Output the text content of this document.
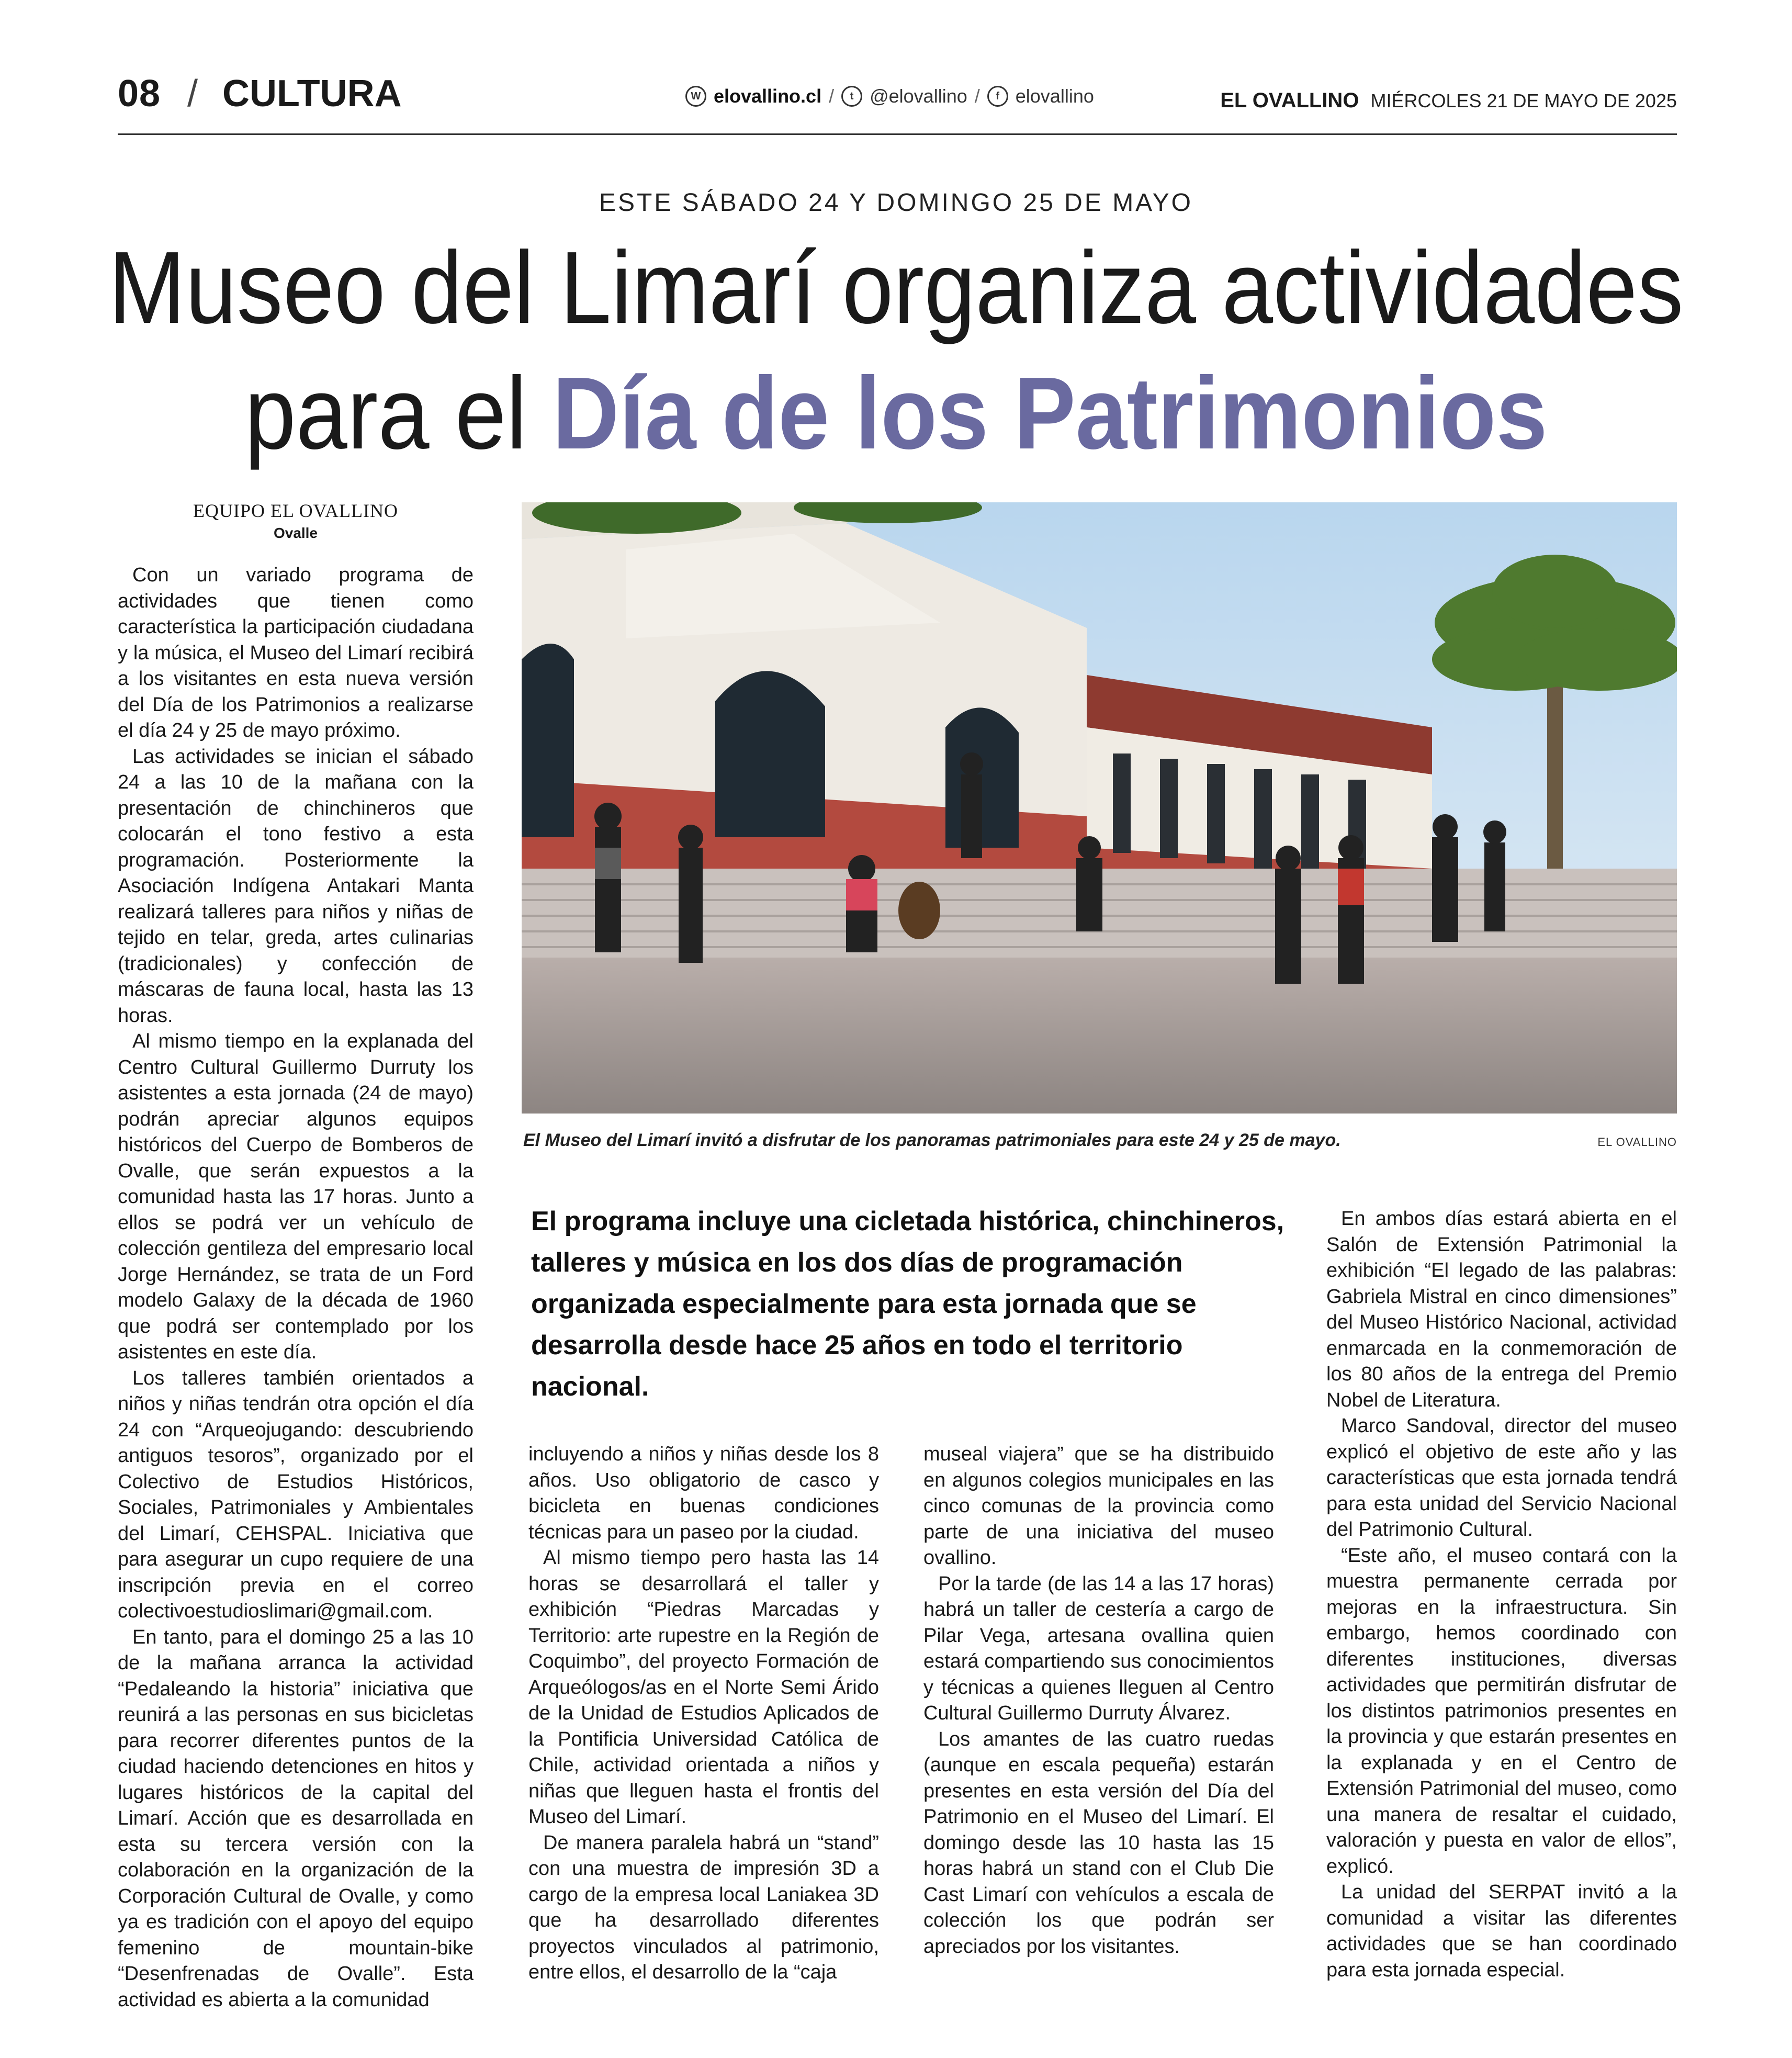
08 / CULTURA	W elovallino.cl /	t @elovallino /	f elovallino	EL OVALLINO MIÉRCOLES 21 DE MAYO DE 2025
ESTE SÁBADO 24 Y DOMINGO 25 DE MAYO
Museo del Limarí organiza actividades
para el Día de los Patrimonios
EQUIPO EL OVALLINO
Ovalle

Con un variado programa de actividades que tienen como característica la participación ciudadana y la música, el Museo del Limarí recibirá a los visitantes en esta nueva versión del Día de los Patrimonios a realizarse el día 24 y 25 de mayo próximo.

Las actividades se inician el sábado 24 a las 10 de la mañana con la presentación de chinchineros que colocarán el tono festivo a esta programación. Posteriormente la Asociación Indígena Antakari Manta realizará talleres para niños y niñas de tejido en telar, greda, artes culinarias (tradicionales) y confección de máscaras de fauna local, hasta las 13 horas.

Al mismo tiempo en la explanada del Centro Cultural Guillermo Durruty los asistentes a esta jornada (24 de mayo) podrán apreciar algunos equipos históricos del Cuerpo de Bomberos de Ovalle, que serán expuestos a la comunidad hasta las 17 horas. Junto a ellos se podrá ver un vehículo de colección gentileza del empresario local Jorge Hernández, se trata de un Ford modelo Galaxy de la década de 1960 que podrá ser contemplado por los asistentes en este día.

Los talleres también orientados a niños y niñas tendrán otra opción el día 24 con “Arqueojugando: descubriendo antiguos tesoros”, organizado por el Colectivo de Estudios Históricos, Sociales, Patrimoniales y Ambientales del Limarí, CEHSPAL. Iniciativa que para asegurar un cupo requiere de una inscripción previa en el correo colectivoestudioslimari@gmail.com.

En tanto, para el domingo 25 a las 10 de la mañana arranca la actividad “Pedaleando la historia” iniciativa que reunirá a las personas en sus bicicletas para recorrer diferentes puntos de la ciudad haciendo detenciones en hitos y lugares históricos de la capital del Limarí. Acción que es desarrollada en esta su tercera versión con la colaboración en la organización de la Corporación Cultural de Ovalle, y como ya es tradición con el apoyo del equipo femenino de mountain-bike “Desenfrenadas de Ovalle”. Esta actividad es abierta a la comunidad

El Museo del Limarí invitó a disfrutar de los panoramas patrimoniales para este 24 y 25 de mayo.	EL OVALLINO
El programa incluye una cicletada histórica, chinchineros, talleres y música en los dos días de programación organizada especialmente para esta jornada que se desarrolla desde hace 25 años en todo el territorio nacional.

incluyendo a niños y niñas desde los 8 años. Uso obligatorio de casco y bicicleta en buenas condiciones técnicas para un paseo por la ciudad.

Al mismo tiempo pero hasta las 14 horas se desarrollará el taller y exhibición “Piedras Marcadas y Territorio: arte rupestre en la Región de Coquimbo”, del proyecto Formación de Arqueólogos/as en el Norte Semi Árido de la Unidad de Estudios Aplicados de la Pontificia Universidad Católica de Chile, actividad orientada a niños y niñas que lleguen hasta el frontis del Museo del Limarí.

De manera paralela habrá un “stand” con una muestra de impresión 3D a cargo de la empresa local Laniakea 3D que ha desarrollado diferentes proyectos vinculados al patrimonio, entre ellos, el desarrollo de la “caja

museal viajera” que se ha distribuido en algunos colegios municipales en las cinco comunas de la provincia como parte de una iniciativa del museo ovallino.

Por la tarde (de las 14 a las 17 horas) habrá un taller de cestería a cargo de Pilar Vega, artesana ovallina quien estará compartiendo sus conocimientos y técnicas a quienes lleguen al Centro Cultural Guillermo Durruty Álvarez.

Los amantes de las cuatro ruedas (aunque en escala pequeña) estarán presentes en esta versión del Día del Patrimonio en el Museo del Limarí. El domingo desde las 10 hasta las 15 horas habrá un stand con el Club Die Cast Limarí con vehículos a escala de colección los que podrán ser apreciados por los visitantes.

En ambos días estará abierta en el Salón de Extensión Patrimonial la exhibición “El legado de las palabras: Gabriela Mistral en cinco dimensiones” del Museo Histórico Nacional, actividad enmarcada en la conmemoración de los 80 años de la entrega del Premio Nobel de Literatura.

Marco Sandoval, director del museo explicó el objetivo de este año y las características que esta jornada tendrá para esta unidad del Servicio Nacional del Patrimonio Cultural.

“Este año, el museo contará con la muestra permanente cerrada por mejoras en la infraestructura. Sin embargo, hemos coordinado con diferentes instituciones, diversas actividades que permitirán disfrutar de los distintos patrimonios presentes en la provincia y que estarán presentes en la explanada y en el Centro de Extensión Patrimonial del museo, como una manera de resaltar el cuidado, valoración y puesta en valor de ellos”, explicó.

La unidad del SERPAT invitó a la comunidad a visitar las diferentes actividades que se han coordinado para esta jornada especial.
